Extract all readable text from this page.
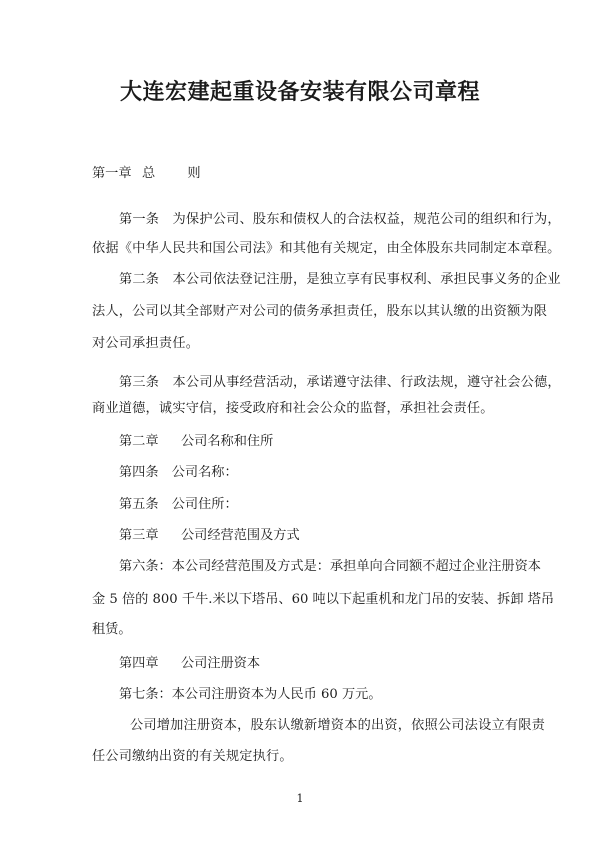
大连宏建起重设备安装有限公司章程
第一章 总 则
第一条　为保护公司、股东和债权人的合法权益，规范公司的组织和行为，
依据《中华人民共和国公司法》和其他有关规定，由全体股东共同制定本章程。
第二条　本公司依法登记注册，是独立享有民事权利、承担民事义务的企业
法人，公司以其全部财产对公司的债务承担责任，股东以其认缴的出资额为限
对公司承担责任。
第三条　本公司从事经营活动，承诺遵守法律、行政法规，遵守社会公德，
商业道德，诚实守信，接受政府和社会公众的监督，承担社会责任。
第二章 公司名称和住所
第四条　公司名称：
第五条　公司住所：
第三章 公司经营范围及方式
第六条：本公司经营范围及方式是：承担单向合同额不超过企业注册资本
金 5 倍的 800 千牛.米以下塔吊、60 吨以下起重机和龙门吊的安装、拆卸 塔吊
租赁。
第四章 公司注册资本
第七条：本公司注册资本为人民币 60 万元。
公司增加注册资本，股东认缴新增资本的出资，依照公司法设立有限责
任公司缴纳出资的有关规定执行。
1
